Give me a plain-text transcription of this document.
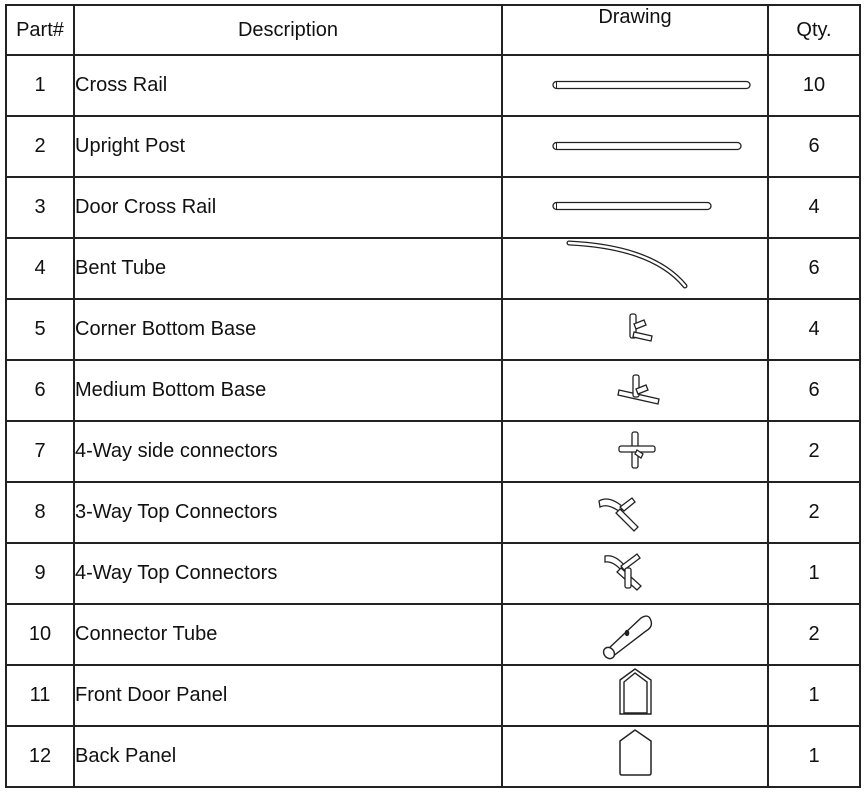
Part#	Description	Drawing	Qty.
1	Cross Rail		10
2	Upright Post		6
3	Door Cross Rail		4
4	Bent Tube		6
5	Corner Bottom Base		4
6	Medium Bottom Base		6
7	4-Way side connectors		2
8	3-Way Top Connectors		2
9	4-Way Top Connectors		1
10	Connector Tube		2
11	Front Door Panel		1
12	Back Panel		1
